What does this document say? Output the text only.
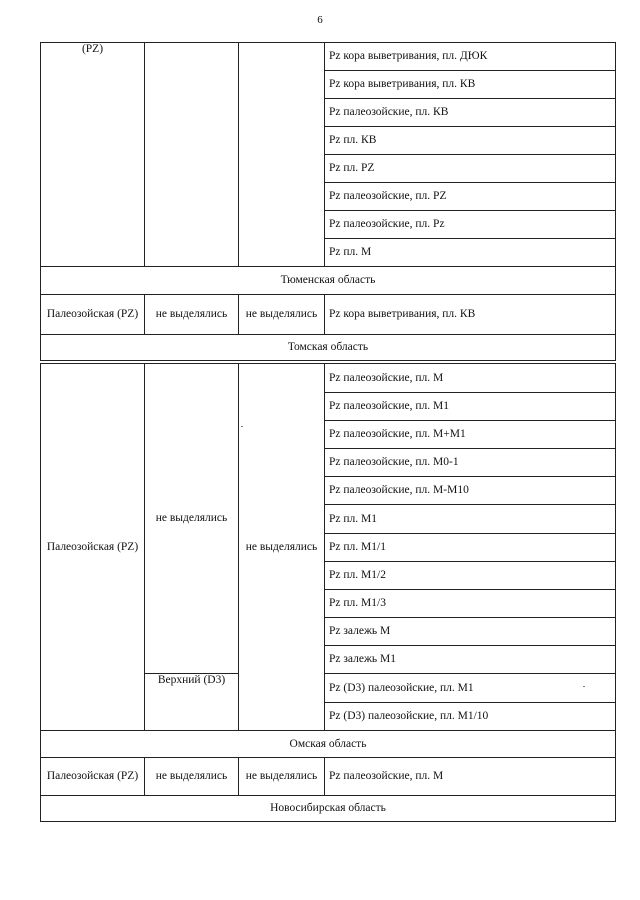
6
(PZ)			Pz кора выветривания, пл. ДЮК
			Pz кора выветривания, пл. КВ
			Pz палеозойские, пл. КВ
			Pz пл. КВ
			Pz пл. PZ
			Pz палеозойские, пл. PZ
			Pz палеозойские, пл. Pz
			Pz пл. М
Тюменская область			
Палеозойская (PZ)	не выделялись	не выделялись	Pz кора выветривания, пл. КВ
Томская область			
Палеозойская (PZ)	не выделялись	не выделялись	Pz палеозойские, пл. М
			Pz палеозойские, пл. М1
			Pz палеозойские, пл. М+М1
			Pz палеозойские, пл. М0-1
			Pz палеозойские, пл. М-М10
			Pz пл. М1
			Pz пл. М1/1
			Pz пл. М1/2
			Pz пл. М1/3
			Pz залежь М
			Pz залежь М1
	Верхний (D3)		Pz (D3) палеозойские, пл. М1
			Pz (D3) палеозойские, пл. М1/10
Омская область			
Палеозойская (PZ)	не выделялись	не выделялись	Pz палеозойские, пл. М
Новосибирская область			
